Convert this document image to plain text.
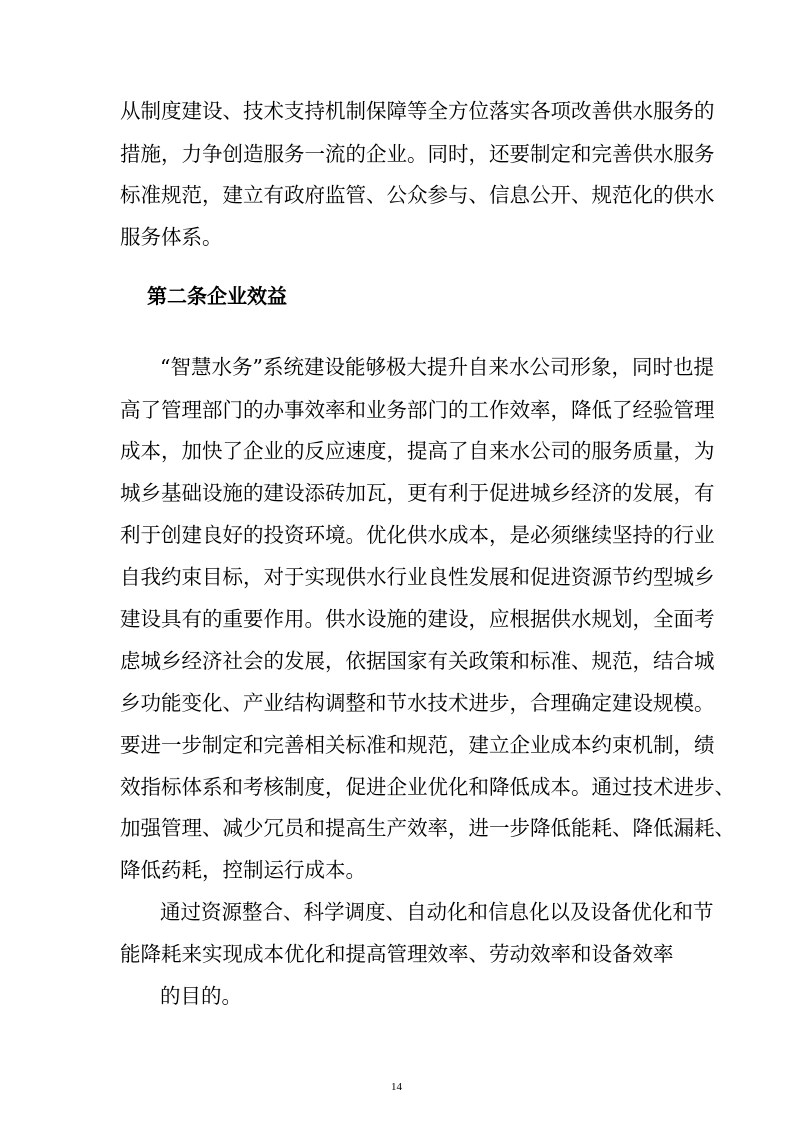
从制度建设、技术支持机制保障等全方位落实各项改善供水服务的
措施，力争创造服务一流的企业。同时，还要制定和完善供水服务
标准规范，建立有政府监管、公众参与、信息公开、规范化的供水
服务体系。
第二条企业效益
“智慧水务”系统建设能够极大提升自来水公司形象，同时也提
高了管理部门的办事效率和业务部门的工作效率，降低了经验管理
成本，加快了企业的反应速度，提高了自来水公司的服务质量，为
城乡基础设施的建设添砖加瓦，更有利于促进城乡经济的发展，有
利于创建良好的投资环境。优化供水成本，是必须继续坚持的行业
自我约束目标，对于实现供水行业良性发展和促进资源节约型城乡
建设具有的重要作用。供水设施的建设，应根据供水规划，全面考
虑城乡经济社会的发展，依据国家有关政策和标准、规范，结合城
乡功能变化、产业结构调整和节水技术进步，合理确定建设规模。
要进一步制定和完善相关标准和规范，建立企业成本约束机制，绩
效指标体系和考核制度，促进企业优化和降低成本。通过技术进步、
加强管理、减少冗员和提高生产效率，进一步降低能耗、降低漏耗、
降低药耗，控制运行成本。
通过资源整合、科学调度、自动化和信息化以及设备优化和节
能降耗来实现成本优化和提高管理效率、劳动效率和设备效率
的目的。
14
